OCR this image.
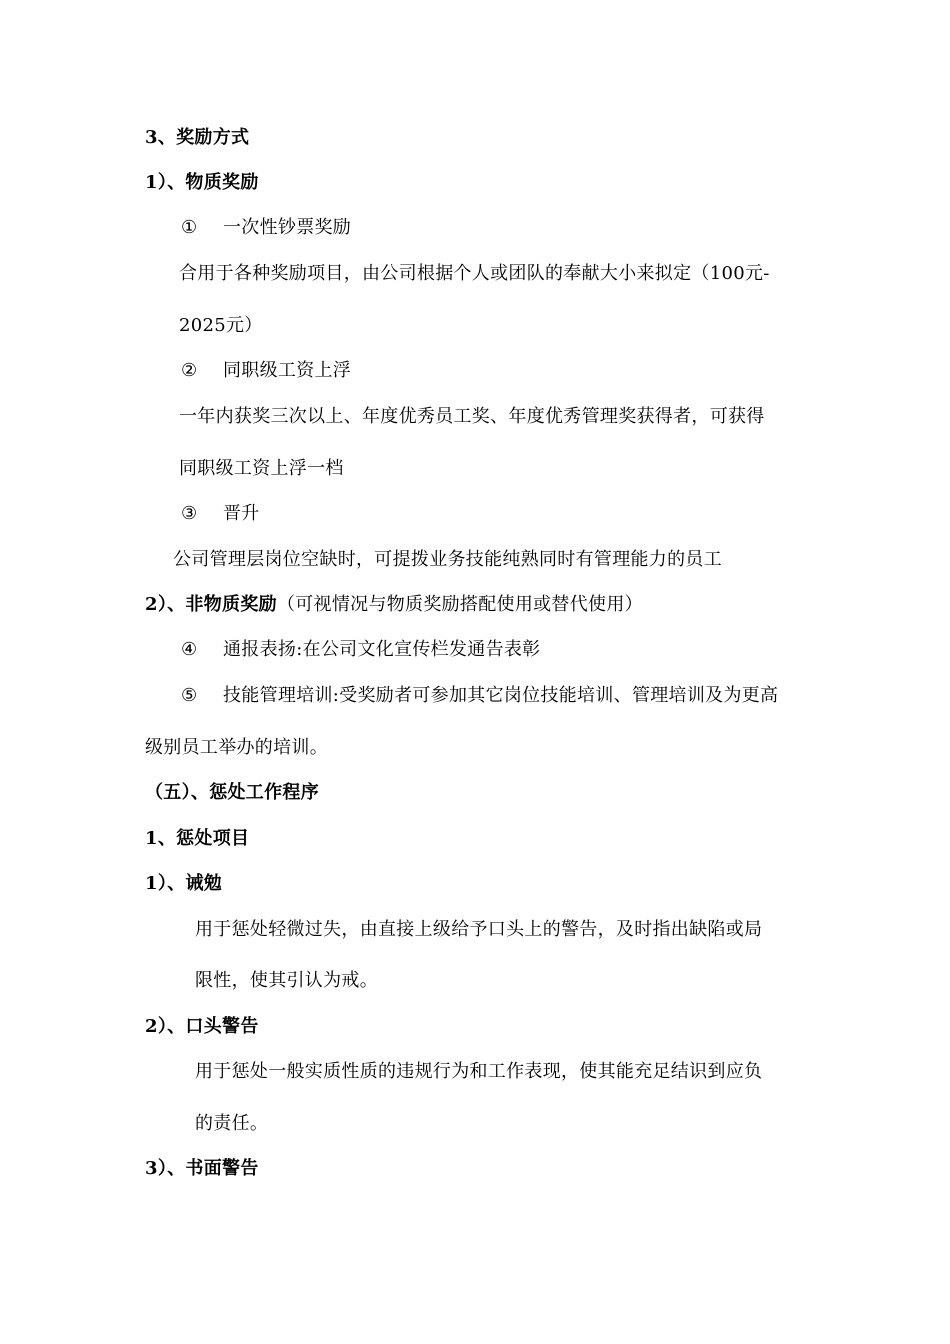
3、奖励方式
1）、物质奖励
① 一次性钞票奖励
合用于各种奖励项目，由公司根据个人或团队的奉献大小来拟定（100元-
2025元）
② 同职级工资上浮
一年内获奖三次以上、年度优秀员工奖、年度优秀管理奖获得者，可获得
同职级工资上浮一档
③ 晋升
公司管理层岗位空缺时，可提拨业务技能纯熟同时有管理能力的员工
2）、非物质奖励（可视情况与物质奖励搭配使用或替代使用）
④ 通报表扬:在公司文化宣传栏发通告表彰
⑤ 技能管理培训:受奖励者可参加其它岗位技能培训、管理培训及为更高
级别员工举办的培训。
（五）、惩处工作程序
1、惩处项目
1）、诫勉
用于惩处轻微过失，由直接上级给予口头上的警告，及时指出缺陷或局
限性，使其引认为戒。
2）、口头警告
用于惩处一般实质性质的违规行为和工作表现，使其能充足结识到应负
的责任。
3）、书面警告
